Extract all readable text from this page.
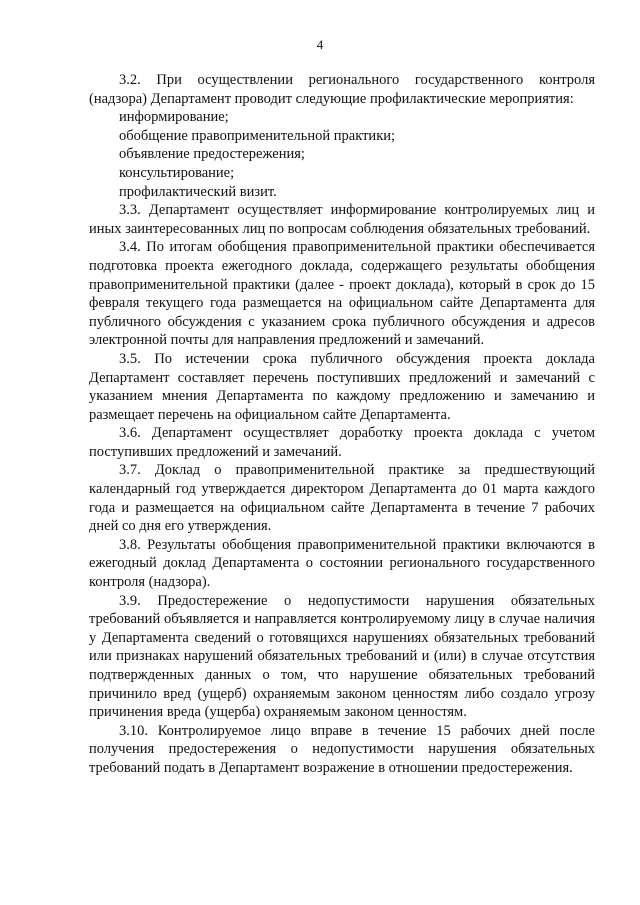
4

3.2. При осуществлении регионального государственного контроля (надзора) Департамент проводит следующие профилактические мероприятия:

информирование;

обобщение правоприменительной практики;

объявление предостережения;

консультирование;

профилактический визит.

3.3. Департамент осуществляет информирование контролируемых лиц и иных заинтересованных лиц по вопросам соблюдения обязательных требований.

3.4. По итогам обобщения правоприменительной практики обеспечивается подготовка проекта ежегодного доклада, содержащего результаты обобщения правоприменительной практики (далее - проект доклада), который в срок до 15 февраля текущего года размещается на официальном сайте Департамента для публичного обсуждения с указанием срока публичного обсуждения и адресов электронной почты для направления предложений и замечаний.

3.5. По истечении срока публичного обсуждения проекта доклада Департамент составляет перечень поступивших предложений и замечаний с указанием мнения Департамента по каждому предложению и замечанию и размещает перечень на официальном сайте Департамента.

3.6. Департамент осуществляет доработку проекта доклада с учетом поступивших предложений и замечаний.

3.7. Доклад о правоприменительной практике за предшествующий календарный год утверждается директором Департамента до 01 марта каждого года и размещается на официальном сайте Департамента в течение 7 рабочих дней со дня его утверждения.

3.8. Результаты обобщения правоприменительной практики включаются в ежегодный доклад Департамента о состоянии регионального государственного контроля (надзора).

3.9. Предостережение о недопустимости нарушения обязательных требований объявляется и направляется контролируемому лицу в случае наличия у Департамента сведений о готовящихся нарушениях обязательных требований или признаках нарушений обязательных требований и (или) в случае отсутствия подтвержденных данных о том, что нарушение обязательных требований причинило вред (ущерб) охраняемым законом ценностям либо создало угрозу причинения вреда (ущерба) охраняемым законом ценностям.

3.10. Контролируемое лицо вправе в течение 15 рабочих дней после получения предостережения о недопустимости нарушения обязательных требований подать в Департамент возражение в отношении предостережения.
